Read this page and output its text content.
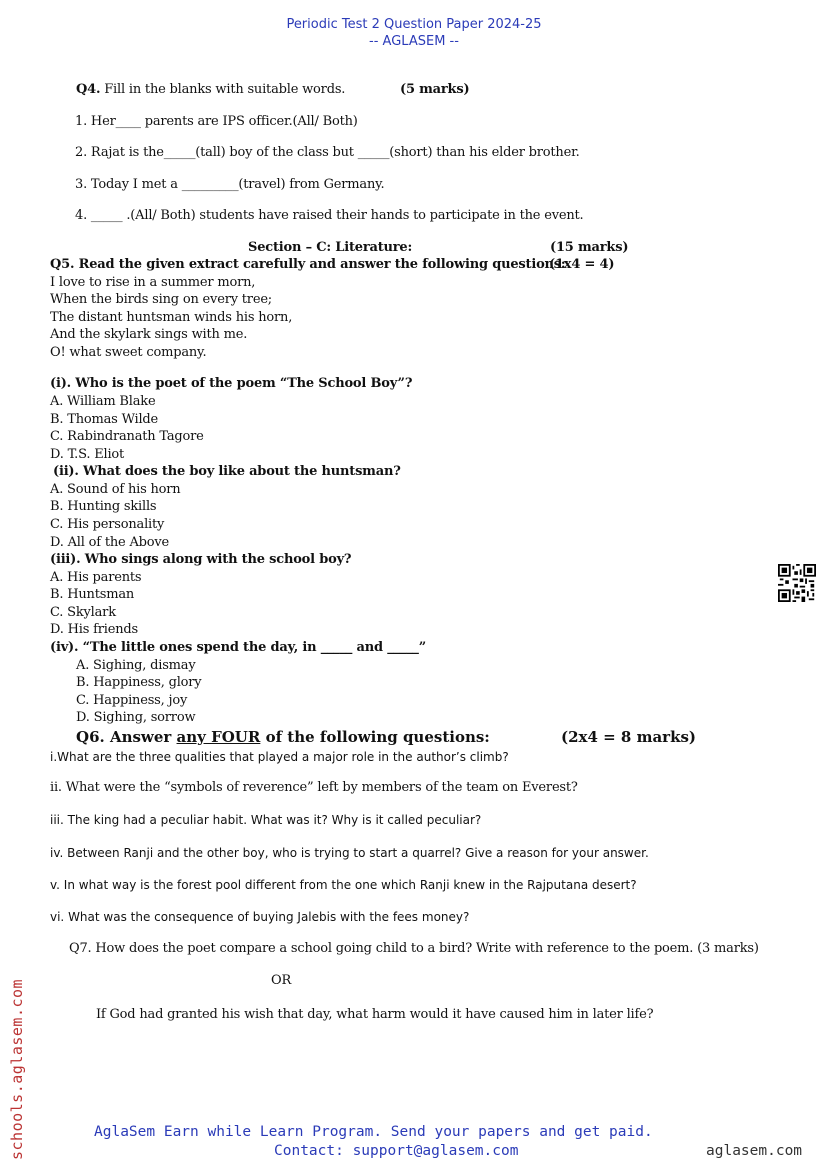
Periodic Test 2 Question Paper 2024-25
-- AGLASEM --
Q4. Fill in the blanks with suitable words.	(5 marks)
1. Her____ parents are IPS officer.(All/ Both)
2. Rajat is the_____(tall) boy of the class but _____(short) than his elder brother.
3. Today I met a _________(travel) from Germany.
4. _____ .(All/ Both) students have raised their hands to participate in the event.
Section – C: Literature:	(15 marks)
Q5. Read the given extract carefully and answer the following questions:
(1x4 = 4)
I love to rise in a summer morn,
When the birds sing on every tree;
The distant huntsman winds his horn,
And the skylark sings with me.
O! what sweet company.
(i). Who is the poet of the poem “The School Boy”?
A. William Blake
B. Thomas Wilde
C. Rabindranath Tagore
D. T.S. Eliot
(ii). What does the boy like about the huntsman?
A. Sound of his horn
B. Hunting skills
C. His personality
D. All of the Above
(iii). Who sings along with the school boy?
A. His parents
B. Huntsman
C. Skylark
D. His friends
(iv). “The little ones spend the day, in _____ and _____”
A. Sighing, dismay
B. Happiness, glory
C. Happiness, joy
D. Sighing, sorrow
Q6. Answer any FOUR of the following questions:	(2x4 = 8 marks)
i.What are the three qualities that played a major role in the author’s climb?
ii. What were the “symbols of reverence” left by members of the team on Everest?
iii. The king had a peculiar habit. What was it? Why is it called peculiar?
iv. Between Ranji and the other boy, who is trying to start a quarrel? Give a reason for your answer.
v. In what way is the forest pool different from the one which Ranji knew in the Rajputana desert?
vi. What was the consequence of buying Jalebis with the fees money?
Q7. How does the poet compare a school going child to a bird? Write with reference to the poem. (3 marks)
OR
If God had granted his wish that day, what harm would it have caused him in later life?
AglaSem Earn while Learn Program. Send your papers and get paid.
Contact: support@aglasem.com	aglasem.com
schools.aglasem.com
